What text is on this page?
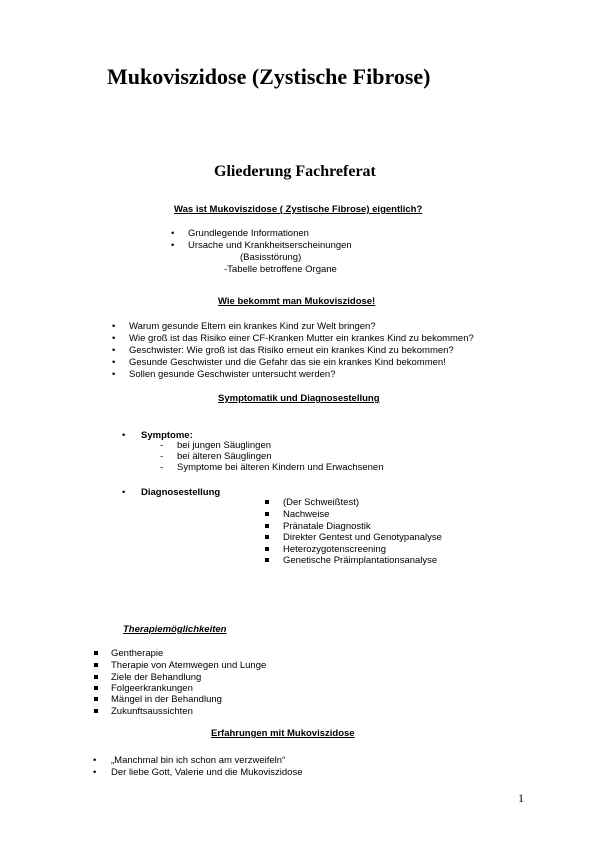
Mukoviszidose (Zystische Fibrose)
Gliederung Fachreferat
Was ist Mukoviszidose ( Zystische Fibrose) eigentlich?
• Grundlegende Informationen
• Ursache und Krankheitserscheinungen
(Basisstörung)
-Tabelle betroffene Organe
Wie bekommt man Mukoviszidose!
• Warum gesunde Eltern ein krankes Kind zur Welt bringen?
• Wie groß ist das Risiko einer CF-Kranken Mutter ein krankes Kind zu bekommen?
• Geschwister: Wie groß ist das Risiko erneut ein krankes Kind zu bekommen?
• Gesunde Geschwister und die Gefahr das sie ein krankes Kind bekommen!
• Sollen gesunde Geschwister untersucht werden?
Symptomatik und Diagnosestellung
• Symptome:
- bei jungen Säuglingen
- bei älteren Säuglingen
- Symptome bei älteren Kindern und Erwachsenen
• Diagnosestellung
(Der Schweißtest)
Nachweise
Pränatale Diagnostik
Direkter Gentest und Genotypanalyse
Heterozygotenscreening
Genetische Präimplantationsanalyse
Therapiemöglichkeiten
Gentherapie
Therapie von Atemwegen und Lunge
Ziele der Behandlung
Folgeerkrankungen
Mängel in der Behandlung
Zukunftsaussichten
Erfahrungen mit Mukoviszidose
• „Manchmal bin ich schon am verzweifeln“
• Der liebe Gott, Valerie und die Mukoviszidose
1
